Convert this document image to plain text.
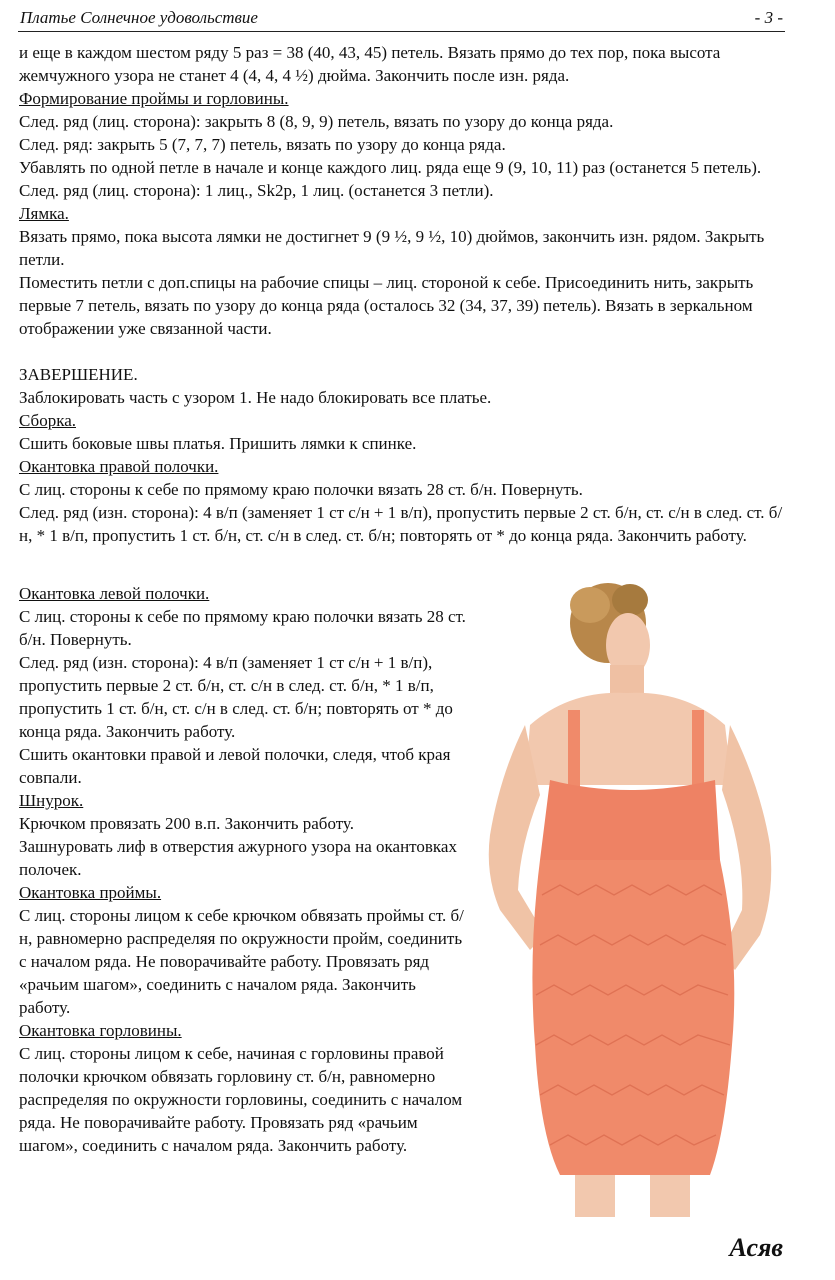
Платье Солнечное удовольствие	- 3 -

и еще в каждом шестом ряду 5 раз = 38 (40, 43, 45) петель. Вязать прямо до тех пор, пока высота жемчужного узора не станет 4 (4, 4, 4 ½) дюйма. Закончить после изн. ряда.

Формирование проймы и горловины.

След. ряд (лиц. сторона): закрыть 8 (8, 9, 9) петель, вязать по узору до конца ряда.

След. ряд: закрыть 5 (7, 7, 7) петель, вязать по узору до конца ряда.

Убавлять по одной петле в начале и конце каждого лиц. ряда еще 9 (9, 10, 11) раз (останется 5 петель).

След. ряд (лиц. сторона): 1 лиц., Sk2p, 1 лиц. (останется 3 петли).

Лямка.

Вязать прямо, пока высота лямки не достигнет 9 (9 ½, 9 ½, 10) дюймов, закончить изн. рядом. Закрыть петли.

Поместить петли с доп.спицы на рабочие спицы – лиц. стороной к себе. Присоединить нить, закрыть первые 7 петель, вязать по узору до конца ряда (осталось 32 (34, 37, 39) петель). Вязать в зеркальном отображении уже связанной части.

ЗАВЕРШЕНИЕ.

Заблокировать часть с узором 1. Не надо блокировать все платье.

Сборка.

Сшить боковые швы платья. Пришить лямки к спинке.

Окантовка правой полочки.

С лиц. стороны к себе по прямому краю полочки вязать 28 ст. б/н. Повернуть.

След. ряд (изн. сторона): 4 в/п (заменяет 1 ст с/н + 1 в/п), пропустить первые 2 ст. б/н, ст. с/н в след. ст. б/н, * 1 в/п, пропустить 1 ст. б/н, ст. с/н в след. ст. б/н; повторять от * до конца ряда. Закончить работу.

Окантовка левой полочки.

С лиц. стороны к себе по прямому краю полочки вязать 28 ст. б/н. Повернуть.

След. ряд (изн. сторона): 4 в/п (заменяет 1 ст с/н + 1 в/п), пропустить первые 2 ст. б/н, ст. с/н в след. ст. б/н, * 1 в/п, пропустить 1 ст. б/н, ст. с/н в след. ст. б/н; повторять от * до конца ряда. Закончить работу.

Сшить окантовки правой и левой полочки, следя, чтоб края совпали.

Шнурок.

Крючком провязать 200 в.п. Закончить работу.

Зашнуровать лиф в отверстия ажурного узора на окантовках полочек.

Окантовка проймы.

С лиц. стороны лицом к себе крючком обвязать проймы ст. б/н, равномерно распределяя по окружности пройм, соединить с началом ряда. Не поворачивайте работу. Провязать ряд «рачьим шагом», соединить с началом ряда. Закончить работу.

Окантовка горловины.

С лиц. стороны лицом к себе, начиная с горловины правой полочки крючком обвязать горловину ст. б/н, равномерно распределяя по окружности горловины, соединить с началом ряда. Не поворачивайте работу. Провязать ряд «рачьим шагом», соединить с началом ряда. Закончить работу.

Асяв
